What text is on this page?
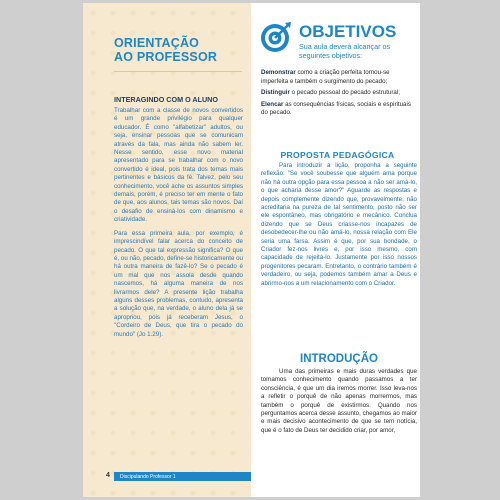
ORIENTAÇÃO
AO PROFESSOR
INTERAGINDO COM O ALUNO

Trabalhar com a classe de novos convertidos é um grande privilégio para qualquer educador. É como "alfabetizar" adultos, ou seja, ensinar pessoas que se comunicam através da fala, mas ainda não sabem ler. Nesse sentido, esse novo material apresentado para se trabalhar com o novo convertido é ideal, pois trata dos temas mais pertinentes e básicos da fé. Talvez, pelo seu conhecimento, você ache os assuntos simples demais, porém, é preciso ter em mente o fato de que, aos alunos, tais temas são novos. Daí o desafio de ensiná-los com dinamismo e criatividade.

Para essa primeira aula, por exemplo, é imprescindível falar acerca do conceito de pecado. O que tal expressão significa? O que é, ou não, pecado, define-se historicamente ou há outra maneira de fazê-lo? Se o pecado é um mal que nos assola desde quando nascemos, há alguma maneira de nos livrarmos dele? A presente lição trabalha alguns desses problemas, contudo, apresenta a solução que, na verdade, o aluno dela já se apropriou, pois já receberam Jesus, o "Cordeiro de Deus, que tira o pecado do mundo" (Jo 1.29).

OBJETIVOS
Sua aula deverá alcançar os seguintes objetivos:

Demonstrar como a criação perfeita tornou-se imperfeita e também o surgimento do pecado;

Distinguir o pecado pessoal do pecado estrutural;

Elencar as consequências físicas, sociais e espirituais do pecado.

PROPOSTA PEDAGÓGICA

Para introduzir a lição, proponha a seguinte reflexão: "Se você soubesse que alguém ama porque não há outra opção para essa pessoa a não ser amá-lo, o que acharia desse amor?" Aguarde as respostas e depois complemente dizendo que, provavelmente, não acreditaria na pureza de tal sentimento, posto não ser ele espontâneo, mas obrigatório e mecânico. Conclua dizendo que se Deus criasse-nos incapazes de desobedecer-lhe ou não amá-lo, nossa relação com Ele seria uma farsa. Assim é que, por sua bondade, o Criador fez-nos livres e, por isso mesmo, com capacidade de rejeitá-lo. Justamente por isso nossos progenitores pecaram. Entretanto, o contrário também é verdadeiro, ou seja, podemos também amar a Deus e abrirmo-nos a um relacionamento com o Criador.

INTRODUÇÃO

Uma das primeiras e mais duras verdades que tomamos conhecimento quando passamos a ter consciência, é que um dia iremos morrer. Isso leva-nos a refletir o porquê de não apenas morrermos, mas também o porquê de existirmos. Quando nos perguntamos acerca desse assunto, chegamos ao maior e mais decisivo acontecimento de que se tem notícia, que é o fato de Deus ter decidido criar, por amor,

4 Discipulando Professor 1
